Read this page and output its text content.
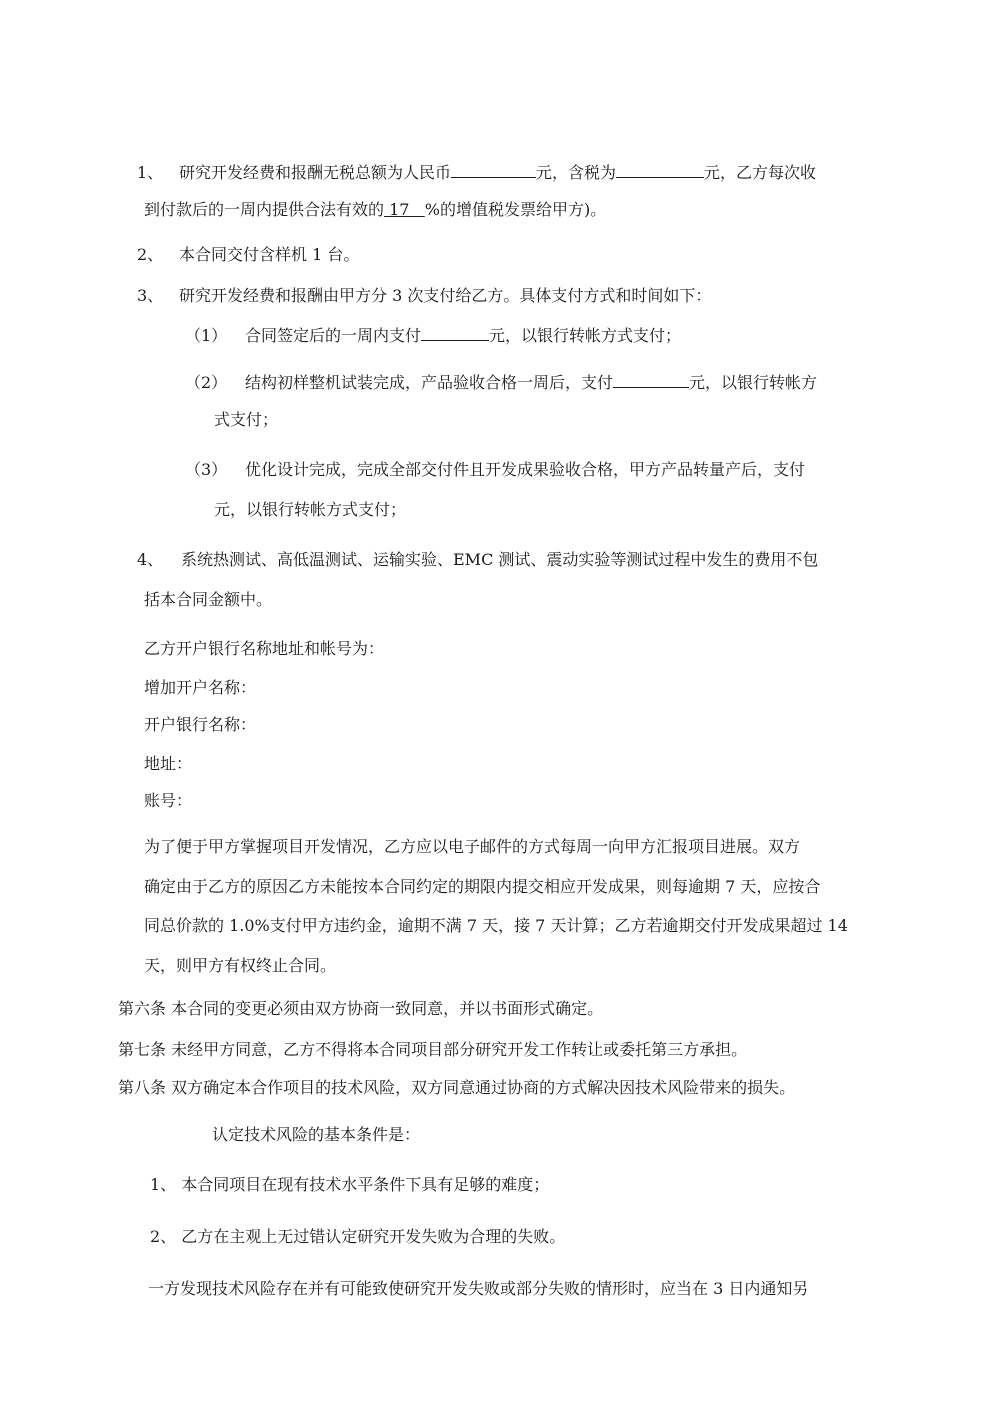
1、 研究开发经费和报酬无税总额为人民币	元，含税为	元，乙方每次收
到付款后的一周内提供合法有效的 17 %的增值税发票给甲方)。
2、 本合同交付含样机 1 台。
3、 研究开发经费和报酬由甲方分 3 次支付给乙方。具体支付方式和时间如下：
（1） 合同签定后的一周内支付	元，以银行转帐方式支付；
（2） 结构初样整机试装完成，产品验收合格一周后，支付	元，以银行转帐方
式支付；
（3） 优化设计完成，完成全部交付件且开发成果验收合格，甲方产品转量产后，支付
元，以银行转帐方式支付；
4、 系统热测试、高低温测试、运输实验、EMC 测试、震动实验等测试过程中发生的费用不包
括本合同金额中。
乙方开户银行名称地址和帐号为：
增加开户名称：
开户银行名称：
地址：
账号：
为了便于甲方掌握项目开发情况，乙方应以电子邮件的方式每周一向甲方汇报项目进展。双方
确定由于乙方的原因乙方未能按本合同约定的期限内提交相应开发成果，则每逾期 7 天，应按合
同总价款的 1.0%支付甲方违约金，逾期不满 7 天，接 7 天计算；乙方若逾期交付开发成果超过 14
天，则甲方有权终止合同。
第六条 本合同的变更必须由双方协商一致同意，并以书面形式确定。
第七条 未经甲方同意，乙方不得将本合同项目部分研究开发工作转让或委托第三方承担。
第八条 双方确定本合作项目的技术风险，双方同意通过协商的方式解决因技术风险带来的损失。
认定技术风险的基本条件是：
1、 本合同项目在现有技术水平条件下具有足够的难度；
2、 乙方在主观上无过错认定研究开发失败为合理的失败。
一方发现技术风险存在并有可能致使研究开发失败或部分失败的情形时，应当在 3 日内通知另
